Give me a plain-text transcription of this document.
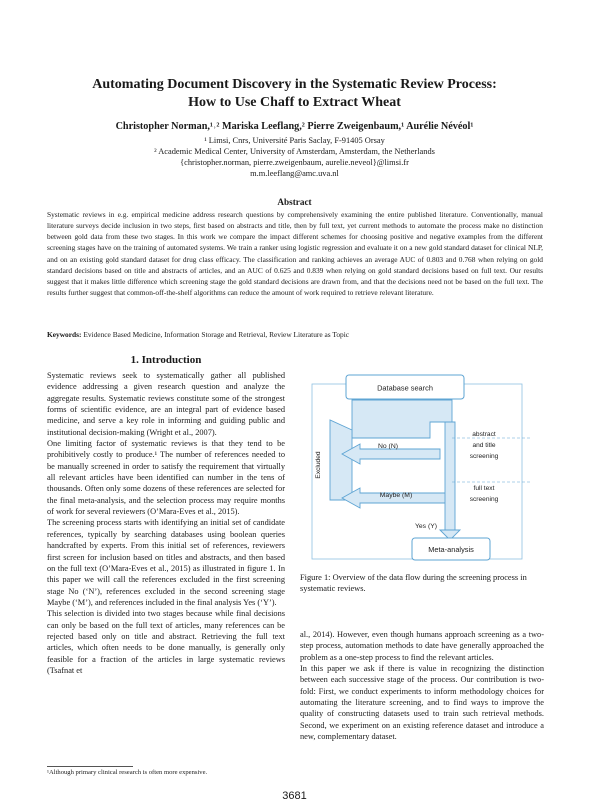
Automating Document Discovery in the Systematic Review Process:
How to Use Chaff to Extract Wheat
Christopher Norman,¹˒² Mariska Leeflang,² Pierre Zweigenbaum,¹ Aurélie Névéol¹
¹ Limsi, Cnrs, Université Paris Saclay, F-91405 Orsay
² Academic Medical Center, University of Amsterdam, Amsterdam, the Netherlands
{christopher.norman, pierre.zweigenbaum, aurelie.neveol}@limsi.fr
m.m.leeflang@amc.uva.nl
Abstract
Systematic reviews in e.g. empirical medicine address research questions by comprehensively examining the entire published literature. Conventionally, manual literature surveys decide inclusion in two steps, first based on abstracts and title, then by full text, yet current methods to automate the process make no distinction between gold data from these two stages. In this work we compare the impact different schemes for choosing positive and negative examples from the different screening stages have on the training of automated systems. We train a ranker using logistic regression and evaluate it on a new gold standard dataset for clinical NLP, and on an existing gold standard dataset for drug class efficacy. The classification and ranking achieves an average AUC of 0.803 and 0.768 when relying on gold standard decisions based on title and abstracts of articles, and an AUC of 0.625 and 0.839 when relying on gold standard decisions based on full text. Our results suggest that it makes little difference which screening stage the gold standard decisions are drawn from, and that the decisions need not be based on the full text. The results further suggest that common-off-the-shelf algorithms can reduce the amount of work required to retrieve relevant literature.
Keywords: Evidence Based Medicine, Information Storage and Retrieval, Review Literature as Topic
1. Introduction

Systematic reviews seek to systematically gather all published evidence addressing a given research question and analyze the aggregate results. Systematic reviews constitute some of the strongest forms of scientific evidence, are an integral part of evidence based medicine, and serve a key role in informing and guiding public and institutional decision-making (Wright et al., 2007).

One limiting factor of systematic reviews is that they tend to be prohibitively costly to produce.¹ The number of references needed to be manually screened in order to satisfy the requirement that virtually all relevant articles have been identified can number in the tens of thousands. Often only some dozens of these references are selected for the final meta-analysis, and the selection process may require months of work for several reviewers (O’Mara-Eves et al., 2015).

The screening process starts with identifying an initial set of candidate references, typically by searching databases using boolean queries handcrafted by experts. From this initial set of references, reviewers first screen for inclusion based on titles and abstracts, and then based on the full text (O’Mara-Eves et al., 2015) as illustrated in figure 1. In this paper we will call the references excluded in the first screening stage No (‘N’), references excluded in the second screening stage Maybe (‘M’), and references included in the final analysis Yes (‘Y’).

This selection is divided into two stages because while final decisions can only be based on the full text of articles, many references can be rejected based only on title and abstract. Retrieving the full text articles, which often needs to be done manually, is generally only feasible for a fraction of the articles in large systematic reviews (Tsafnat et

Database search
Excluded
No (N)
Maybe (M)
Yes (Y)
abstract
and title
screening
full text
screening
Meta-analysis
Figure 1: Overview of the data flow during the screening process in systematic reviews.

al., 2014). However, even though humans approach screening as a two-step process, automation methods to date have generally approached the problem as a one-step process to find the relevant articles.

In this paper we ask if there is value in recognizing the distinction between each successive stage of the process. Our contribution is two-fold: First, we conduct experiments to inform methodology choices for automating the literature screening, and to find ways to improve the quality of constructing datasets used to train such retrieval methods. Second, we experiment on an existing reference dataset and introduce a new, complementary dataset.

¹Although primary clinical research is often more expensive.
3681
